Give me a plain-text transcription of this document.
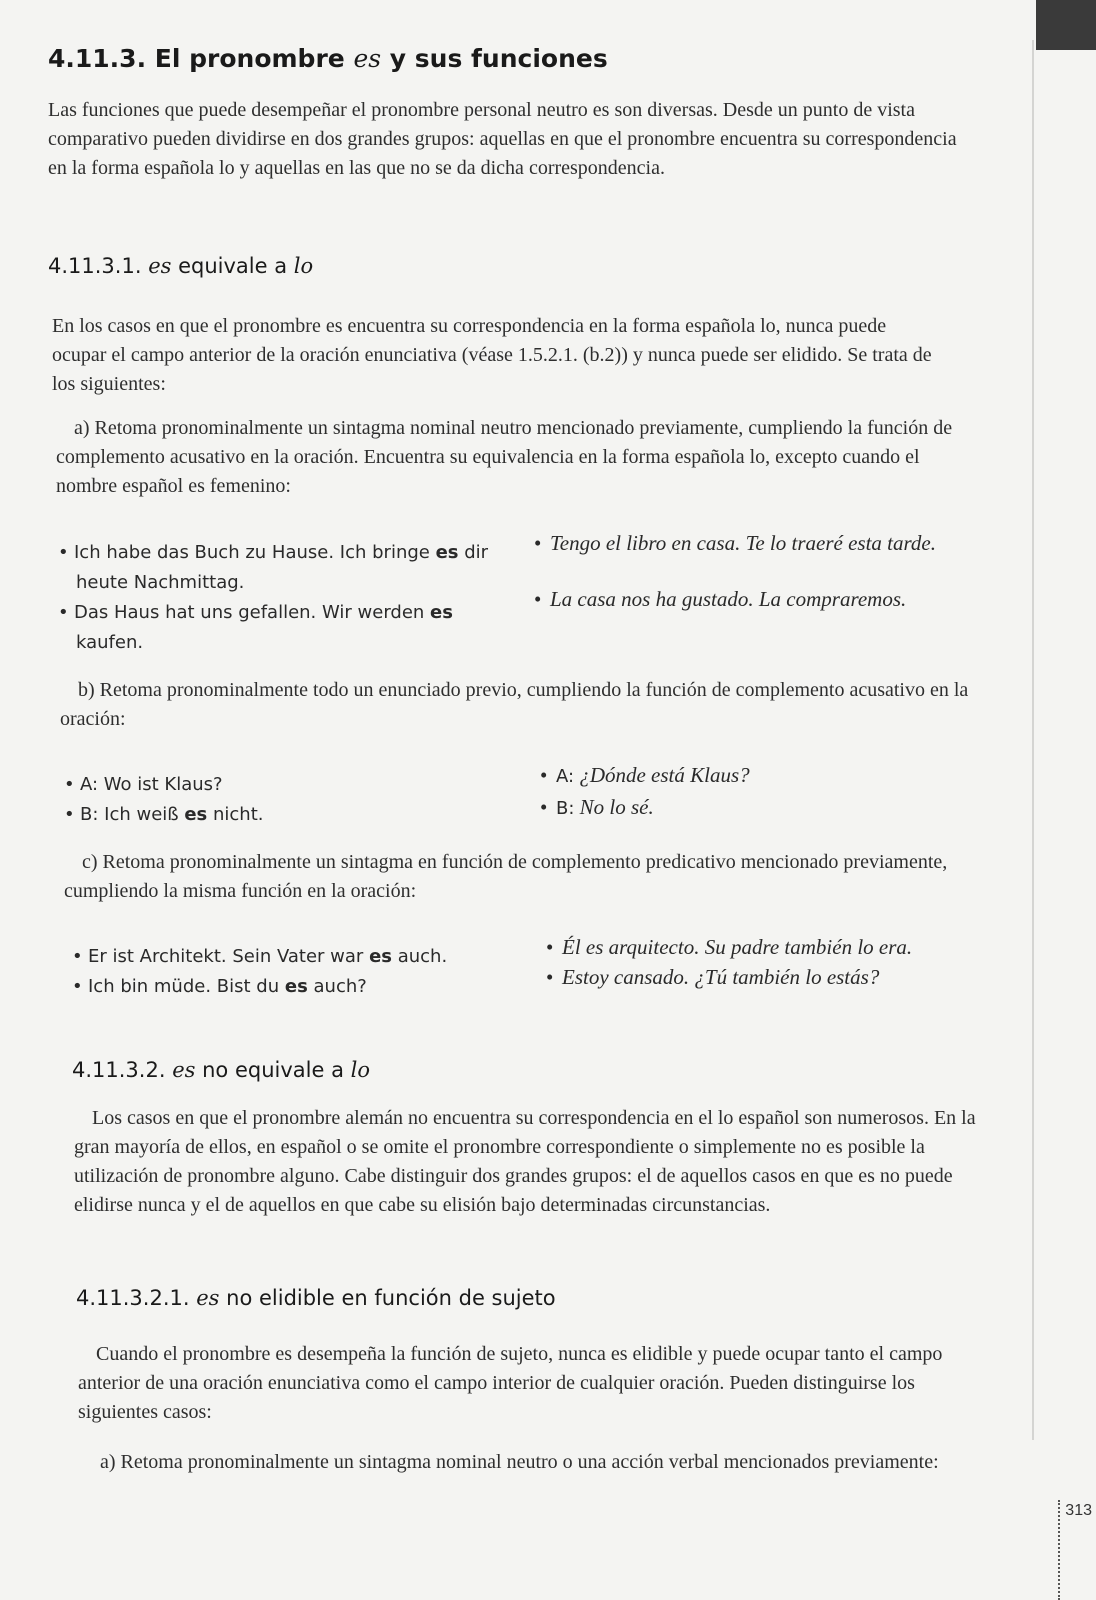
4.11.3. El pronombre es y sus funciones
Las funciones que puede desempeñar el pronombre personal neutro es son diversas. Desde un punto de vista comparativo pueden dividirse en dos grandes grupos: aquellas en que el pronombre encuentra su correspondencia en la forma española lo y aquellas en las que no se da dicha correspondencia.
4.11.3.1. es equivale a lo
En los casos en que el pronombre es encuentra su correspondencia en la forma española lo, nunca puede ocupar el campo anterior de la oración enunciativa (véase 1.5.2.1. (b.2)) y nunca puede ser elidido. Se trata de los siguientes:
a) Retoma pronominalmente un sintagma nominal neutro mencionado previamente, cumpliendo la función de complemento acusativo en la oración. Encuentra su equivalencia en la forma española lo, excepto cuando el nombre español es femenino:
• Ich habe das Buch zu Hause. Ich bringe es dir
heute Nachmittag.
• Das Haus hat uns gefallen. Wir werden es
kaufen.
• Tengo el libro en casa. Te lo traeré esta tarde.
• La casa nos ha gustado. La compraremos.
b) Retoma pronominalmente todo un enunciado previo, cumpliendo la función de complemento acusativo en la oración:
• A: Wo ist Klaus?
• B: Ich weiß es nicht.
• A: ¿Dónde está Klaus?
• B: No lo sé.
c) Retoma pronominalmente un sintagma en función de complemento predicativo mencionado previamente, cumpliendo la misma función en la oración:
• Er ist Architekt. Sein Vater war es auch.
• Ich bin müde. Bist du es auch?
• Él es arquitecto. Su padre también lo era.
• Estoy cansado. ¿Tú también lo estás?
4.11.3.2. es no equivale a lo
Los casos en que el pronombre alemán no encuentra su correspondencia en el lo español son numerosos. En la gran mayoría de ellos, en español o se omite el pronombre correspondiente o simplemente no es posible la utilización de pronombre alguno. Cabe distinguir dos grandes grupos: el de aquellos casos en que es no puede elidirse nunca y el de aquellos en que cabe su elisión bajo determinadas circunstancias.
4.11.3.2.1. es no elidible en función de sujeto
Cuando el pronombre es desempeña la función de sujeto, nunca es elidible y puede ocupar tanto el campo anterior de una oración enunciativa como el campo interior de cualquier oración. Pueden distinguirse los siguientes casos:
a) Retoma pronominalmente un sintagma nominal neutro o una acción verbal mencionados previamente:
313
